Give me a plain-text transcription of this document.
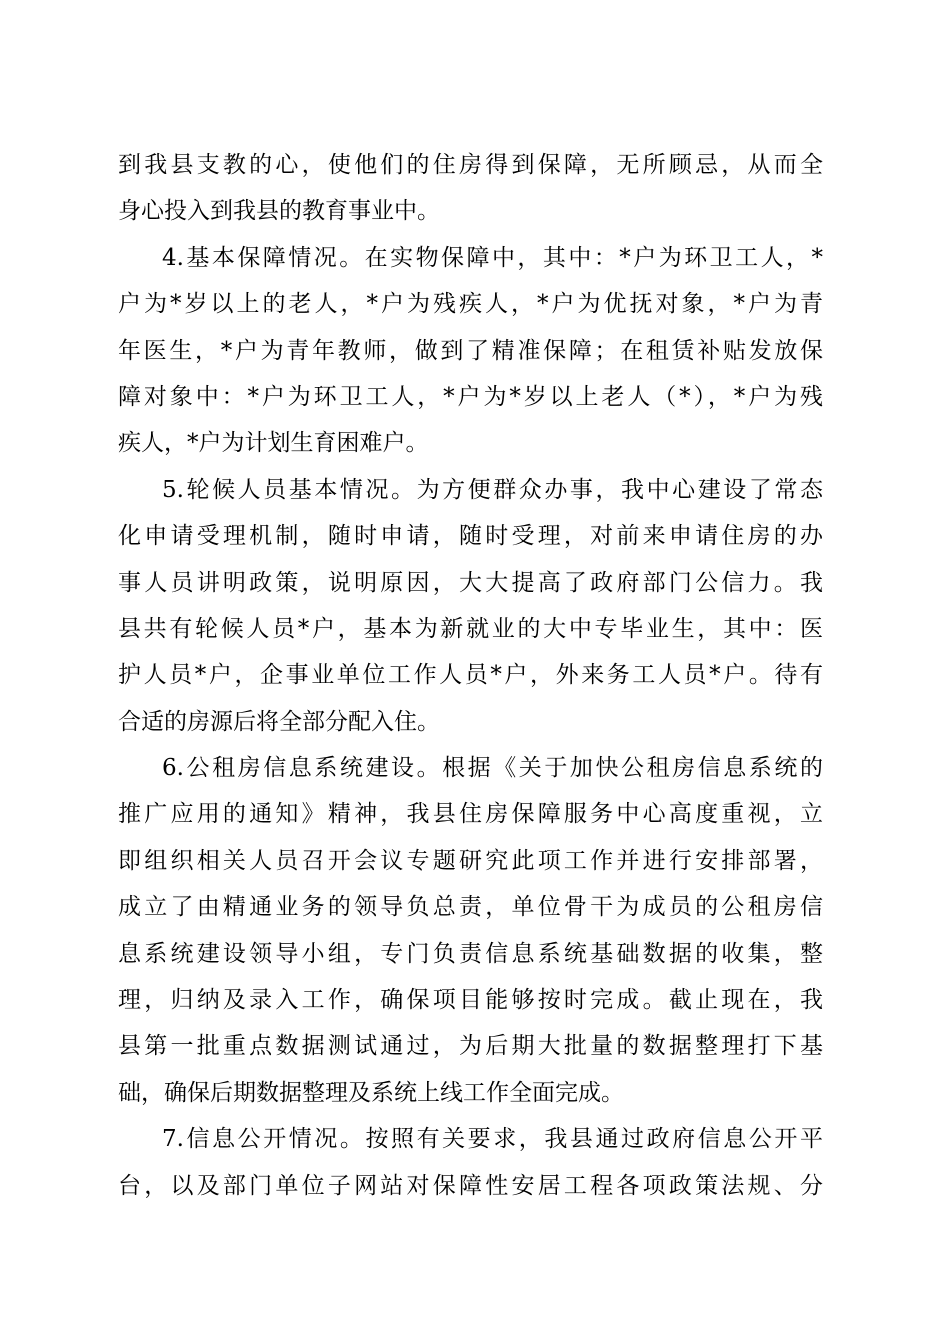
到我县支教的心，使他们的住房得到保障，无所顾忌，从而全
身心投入到我县的教育事业中。
4.基本保障情况。在实物保障中，其中：*户为环卫工人，*
户为*岁以上的老人，*户为残疾人，*户为优抚对象，*户为青
年医生，*户为青年教师，做到了精准保障；在租赁补贴发放保
障对象中：*户为环卫工人，*户为*岁以上老人（*），*户为残
疾人，*户为计划生育困难户。
5.轮候人员基本情况。为方便群众办事，我中心建设了常态
化申请受理机制，随时申请，随时受理，对前来申请住房的办
事人员讲明政策，说明原因，大大提高了政府部门公信力。我
县共有轮候人员*户，基本为新就业的大中专毕业生，其中：医
护人员*户，企事业单位工作人员*户，外来务工人员*户。待有
合适的房源后将全部分配入住。
6.公租房信息系统建设。根据《关于加快公租房信息系统的
推广应用的通知》精神，我县住房保障服务中心高度重视，立
即组织相关人员召开会议专题研究此项工作并进行安排部署，
成立了由精通业务的领导负总责，单位骨干为成员的公租房信
息系统建设领导小组，专门负责信息系统基础数据的收集，整
理，归纳及录入工作，确保项目能够按时完成。截止现在，我
县第一批重点数据测试通过，为后期大批量的数据整理打下基
础，确保后期数据整理及系统上线工作全面完成。
7.信息公开情况。按照有关要求，我县通过政府信息公开平
台，以及部门单位子网站对保障性安居工程各项政策法规、分
